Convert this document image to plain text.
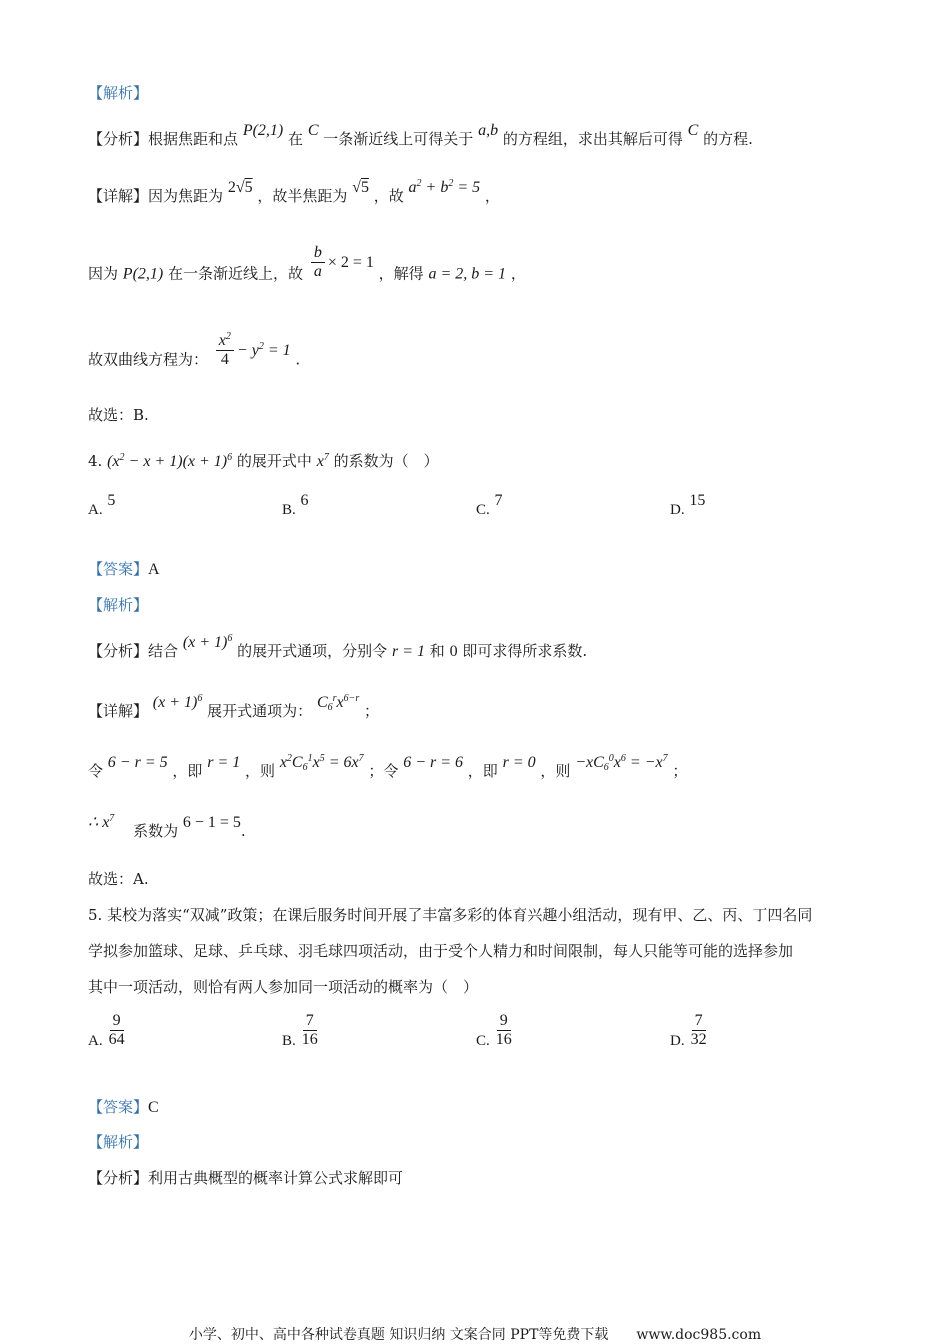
【解析】
【分析】根据焦距和点 P(2,1) 在 C 一条渐近线上可得关于 a,b 的方程组，求出其解后可得 C 的方程.
【详解】因为焦距为 2√5 ，故半焦距为 √5 ，故 $a^2 + b^2 = 5$ ，
因为 P(2,1) 在一条渐近线上，故 $\frac{b}{a} \times 2 = 1$ ，解得 a = 2, b = 1 ，
故双曲线方程为： $\frac{x^2}{4} - y^2 = 1$ .
故选：B.
4. $(x^2 - x + 1)(x + 1)^6$ 的展开式中 $x^7$ 的系数为（　）
A. 5
B. 6
C. 7
D. 15
【答案】A
【解析】
【分析】结合 $(x + 1)^6$ 的展开式通项，分别令 r = 1 和 0 即可求得所求系数.
【详解】 $(x + 1)^6$ 展开式通项为： $C_6^rx^{6-r}$ ；
令 6 − r = 5 ，即 r = 1 ，则 $x^2C_6^1x^5 = 6x^7$ ；令 6 − r = 6 ，即 r = 0 ，则 $-xC_6^0x^6 = -x^7$ ；
∴ $x^7$ 系数为 6 − 1 = 5.
故选：A.
5. 某校为落实“双减”政策；在课后服务时间开展了丰富多彩的体育兴趣小组活动，现有甲、乙、丙、丁四名同
学拟参加篮球、足球、乒乓球、羽毛球四项活动，由于受个人精力和时间限制，每人只能等可能的选择参加
其中一项活动，则恰有两人参加同一项活动的概率为（　）
A. $\frac{9}{64}$	B. $\frac{7}{16}$	C. $\frac{9}{16}$	D. $\frac{7}{32}$
【答案】C
【解析】
【分析】利用古典概型的概率计算公式求解即可
小学、初中、高中各种试卷真题 知识归纳 文案合同 PPT等免费下载　　www.doc985.com
